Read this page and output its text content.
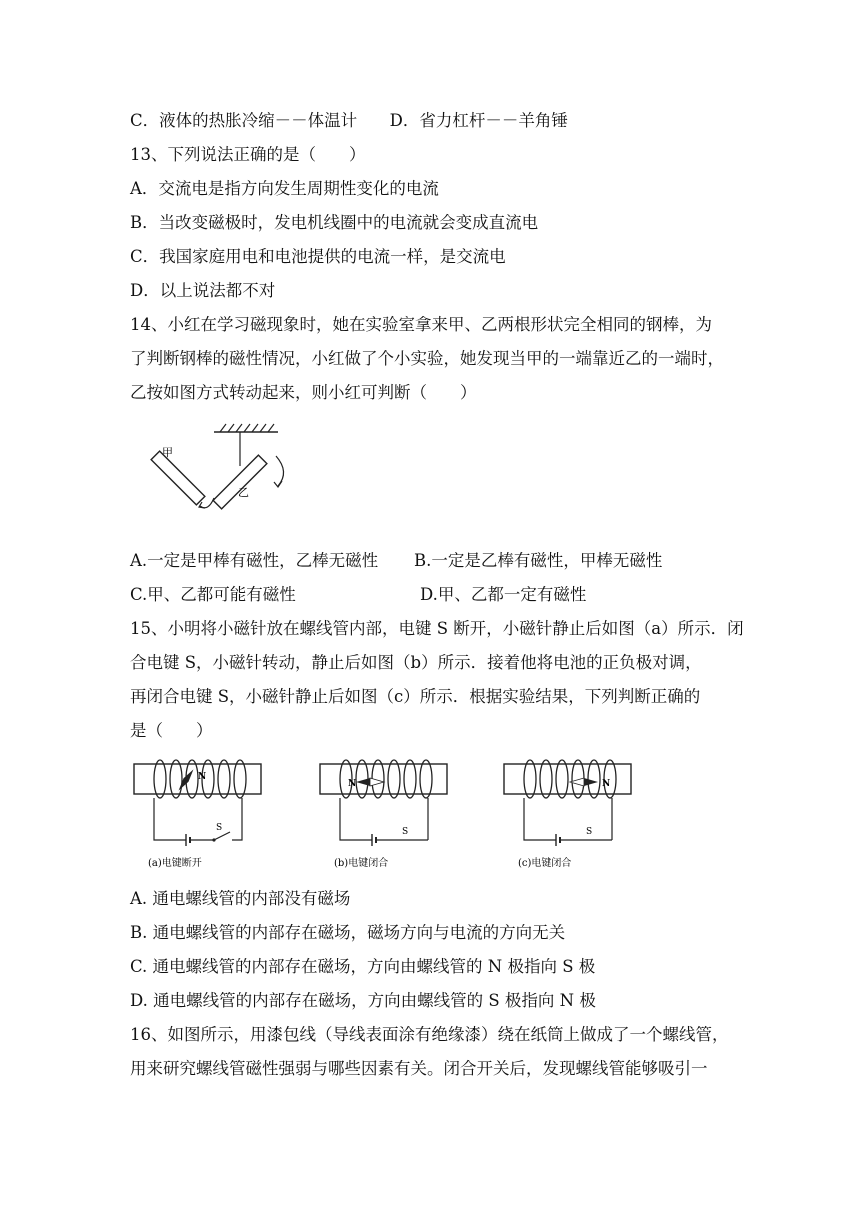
C．液体的热胀冷缩－－体温计 D．省力杠杆－－羊角锤
13、下列说法正确的是（　　）
A．交流电是指方向发生周期性变化的电流
B．当改变磁极时，发电机线圈中的电流就会变成直流电
C．我国家庭用电和电池提供的电流一样，是交流电
D．以上说法都不对
14、小红在学习磁现象时，她在实验室拿来甲、乙两根形状完全相同的钢棒，为
了判断钢棒的磁性情况，小红做了个小实验，她发现当甲的一端靠近乙的一端时，
乙按如图方式转动起来，则小红可判断（　　）
甲
乙
A.一定是甲棒有磁性，乙棒无磁性 B.一定是乙棒有磁性，甲棒无磁性
C.甲、乙都可能有磁性	D.甲、乙都一定有磁性
15、小明将小磁针放在螺线管内部，电键 S 断开，小磁针静止后如图（a）所示．闭
合电键 S，小磁针转动，静止后如图（b）所示．接着他将电池的正负极对调，
再闭合电键 S，小磁针静止后如图（c）所示．根据实验结果，下列判断正确的
是（　　）
N
S
(a)电键断开
N
S
(b)电键闭合
N
S
(c)电键闭合
A. 通电螺线管的内部没有磁场
B. 通电螺线管的内部存在磁场，磁场方向与电流的方向无关
C. 通电螺线管的内部存在磁场，方向由螺线管的 N 极指向 S 极
D. 通电螺线管的内部存在磁场，方向由螺线管的 S 极指向 N 极
16、如图所示，用漆包线（导线表面涂有绝缘漆）绕在纸筒上做成了一个螺线管，
用来研究螺线管磁性强弱与哪些因素有关。闭合开关后，发现螺线管能够吸引一
